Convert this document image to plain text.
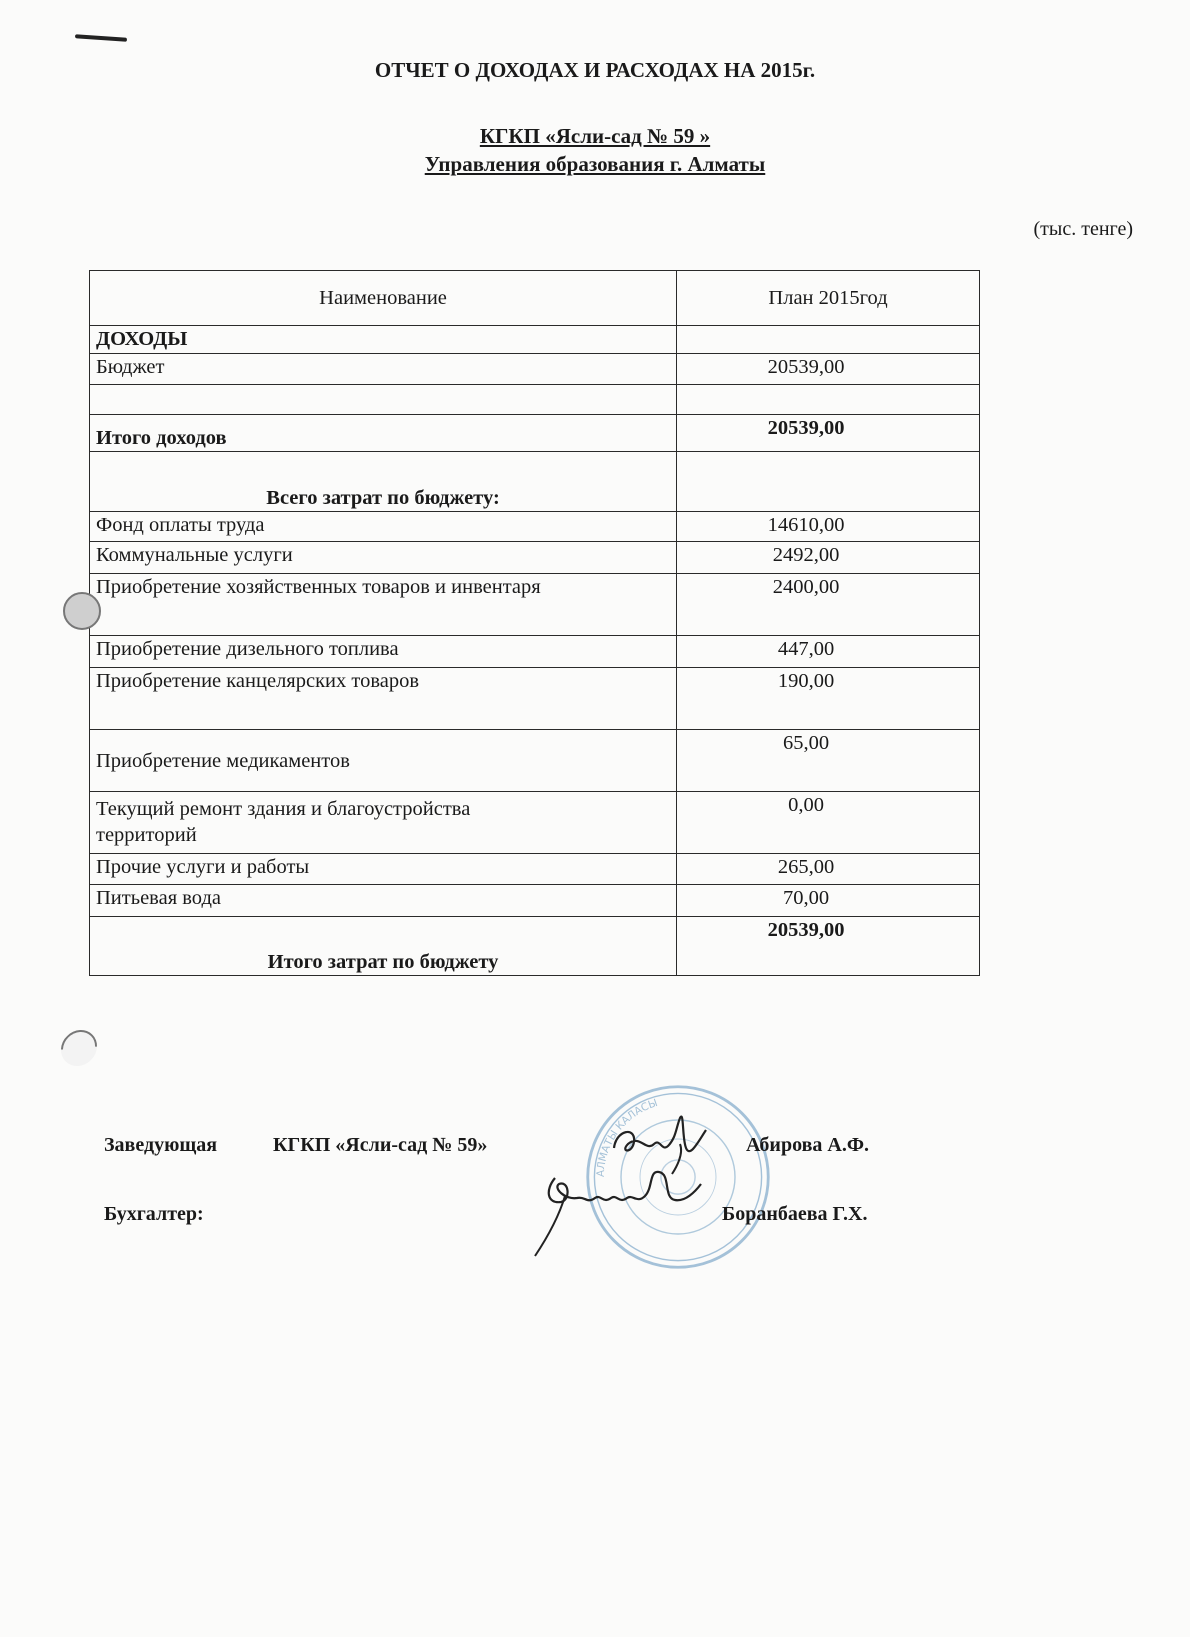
ОТЧЕТ О ДОХОДАХ И РАСХОДАХ НА 2015г.
КГКП «Ясли-сад № 59 »
Управления образования г. Алматы
(тыс. тенге)
Наименование	План 2015год
ДОХОДЫ	
Бюджет	20539,00

Итого доходов	20539,00
Всего затрат по бюджету:	
Фонд оплаты труда	14610,00
Коммунальные услуги	2492,00
Приобретение хозяйственных товаров и инвентаря	2400,00
Приобретение дизельного топлива	447,00
Приобретение канцелярских товаров	190,00
Приобретение медикаментов	65,00

Текущий ремонт здания и благоустройства
территорий	0,00
Прочие услуги и работы	265,00
Питьевая вода	70,00
Итого затрат по бюджету	20539,00
АЛМАТЫ КАЛАСЫ
Заведующая	КГКП «Ясли-сад № 59»	Абирова А.Ф.
Бухгалтер:	Боранбаева Г.Х.
